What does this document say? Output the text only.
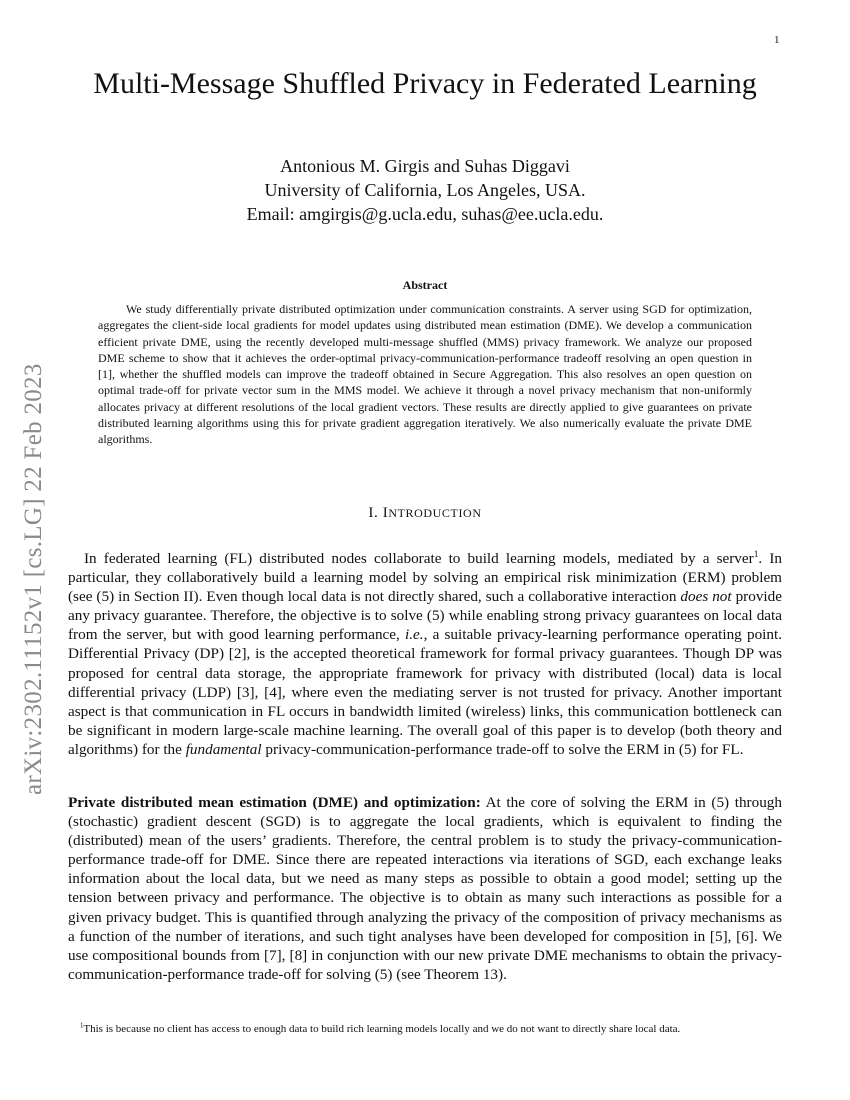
1
arXiv:2302.11152v1 [cs.LG] 22 Feb 2023
Multi-Message Shuffled Privacy in Federated Learning
Antonious M. Girgis and Suhas Diggavi
University of California, Los Angeles, USA.
Email: amgirgis@g.ucla.edu, suhas@ee.ucla.edu.
Abstract

We study differentially private distributed optimization under communication constraints. A server using SGD for optimization, aggregates the client-side local gradients for model updates using distributed mean estimation (DME). We develop a communication efficient private DME, using the recently developed multi-message shuffled (MMS) privacy framework. We analyze our proposed DME scheme to show that it achieves the order-optimal privacy-communication-performance tradeoff resolving an open question in [1], whether the shuffled models can improve the tradeoff obtained in Secure Aggregation. This also resolves an open question on optimal trade-off for private vector sum in the MMS model. We achieve it through a novel privacy mechanism that non-uniformly allocates privacy at different resolutions of the local gradient vectors. These results are directly applied to give guarantees on private distributed learning algorithms using this for private gradient aggregation iteratively. We also numerically evaluate the private DME algorithms.

I. INTRODUCTION

In federated learning (FL) distributed nodes collaborate to build learning models, mediated by a server$^1$. In particular, they collaboratively build a learning model by solving an empirical risk minimization (ERM) problem (see (5) in Section II). Even though local data is not directly shared, such a collaborative interaction does not provide any privacy guarantee. Therefore, the objective is to solve (5) while enabling strong privacy guarantees on local data from the server, but with good learning performance, i.e., a suitable privacy-learning performance operating point. Differential Privacy (DP) [2], is the accepted theoretical framework for formal privacy guarantees. Though DP was proposed for central data storage, the appropriate framework for privacy with distributed (local) data is local differential privacy (LDP) [3], [4], where even the mediating server is not trusted for privacy. Another important aspect is that communication in FL occurs in bandwidth limited (wireless) links, this communication bottleneck can be significant in modern large-scale machine learning. The overall goal of this paper is to develop (both theory and algorithms) for the fundamental privacy-communication-performance trade-off to solve the ERM in (5) for FL.

Private distributed mean estimation (DME) and optimization: At the core of solving the ERM in (5) through (stochastic) gradient descent (SGD) is to aggregate the local gradients, which is equivalent to finding the (distributed) mean of the users’ gradients. Therefore, the central problem is to study the privacy-communication-performance trade-off for DME. Since there are repeated interactions via iterations of SGD, each exchange leaks information about the local data, but we need as many steps as possible to obtain a good model; setting up the tension between privacy and performance. The objective is to obtain as many such interactions as possible for a given privacy budget. This is quantified through analyzing the privacy of the composition of privacy mechanisms as a function of the number of iterations, and such tight analyses have been developed for composition in [5], [6]. We use compositional bounds from [7], [8] in conjunction with our new private DME mechanisms to obtain the privacy-communication-performance trade-off for solving (5) (see Theorem 13).

$^1$This is because no client has access to enough data to build rich learning models locally and we do not want to directly share local data.
